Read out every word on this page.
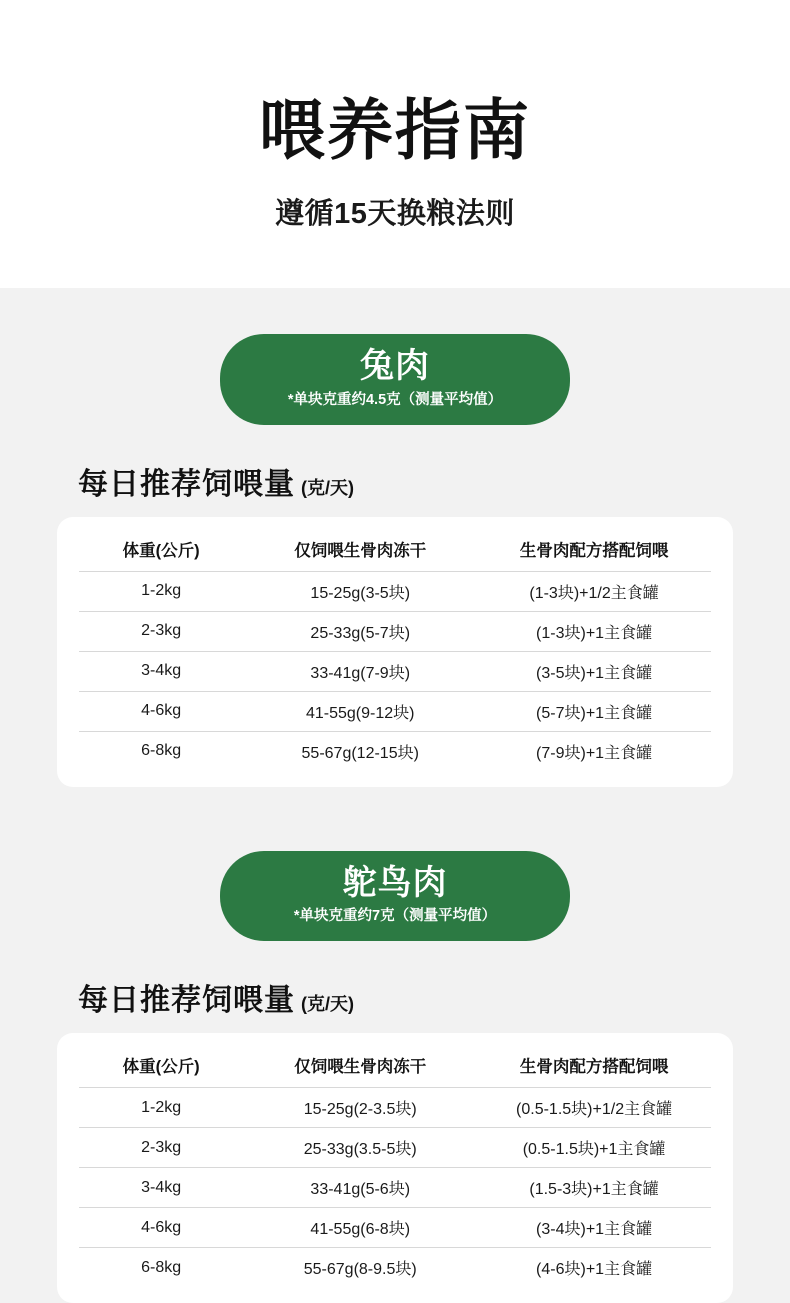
喂养指南
遵循15天换粮法则
兔肉
*单块克重约4.5克（测量平均值）
每日推荐饲喂量 (克/天)
体重(公斤)	仅饲喂生骨肉冻干	生骨肉配方搭配饲喂
1-2kg	15-25g(3-5块)	(1-3块)+1/2主食罐
2-3kg	25-33g(5-7块)	(1-3块)+1主食罐
3-4kg	33-41g(7-9块)	(3-5块)+1主食罐
4-6kg	41-55g(9-12块)	(5-7块)+1主食罐
6-8kg	55-67g(12-15块)	(7-9块)+1主食罐
鸵鸟肉
*单块克重约7克（测量平均值）
每日推荐饲喂量 (克/天)
体重(公斤)	仅饲喂生骨肉冻干	生骨肉配方搭配饲喂
1-2kg	15-25g(2-3.5块)	(0.5-1.5块)+1/2主食罐
2-3kg	25-33g(3.5-5块)	(0.5-1.5块)+1主食罐
3-4kg	33-41g(5-6块)	(1.5-3块)+1主食罐
4-6kg	41-55g(6-8块)	(3-4块)+1主食罐
6-8kg	55-67g(8-9.5块)	(4-6块)+1主食罐
